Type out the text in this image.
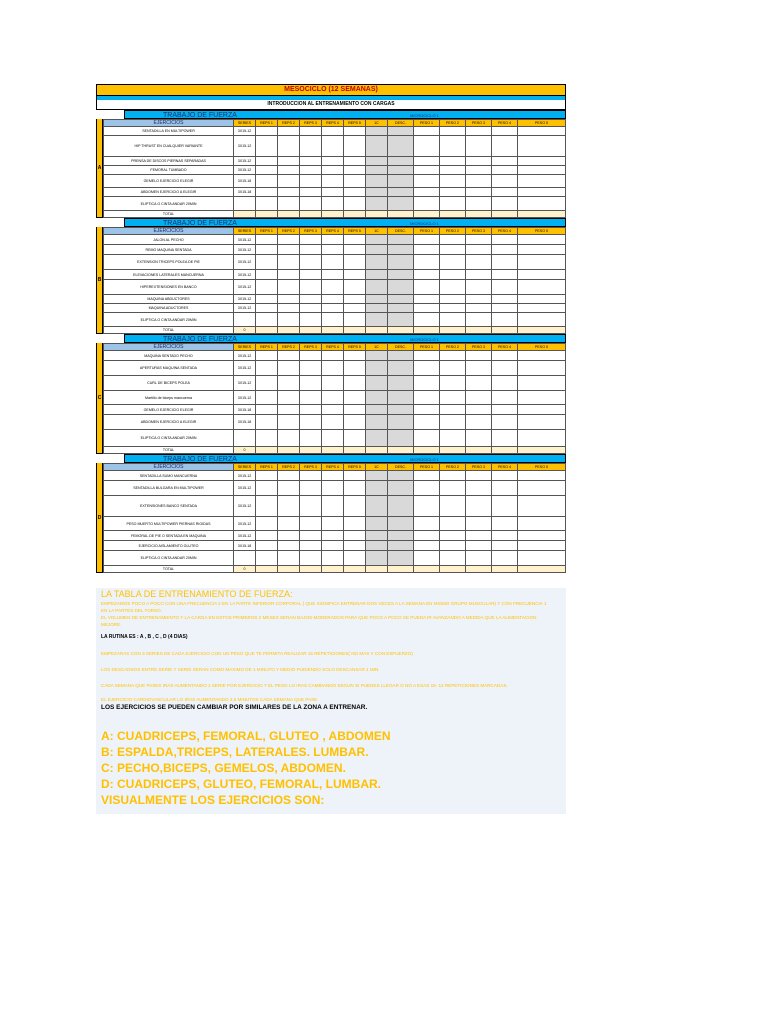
MESOCICLO (12 SEMANAS)
INTRODUCCION AL ENTRENAMIENTO CON CARGAS
TRABAJO DE FUERZA	MICROCICLO 1
A
EJERCICIOS	SERIES	REPS 1	REPS 2	REPS 3	REPS 4	REPS 5	1C	DESC.	PESO 1	PESO 2	PESO 3	PESO 4	PESO 5
SENTADILLA EN MULTIPOWER	3X15-12												
HIP THRUST EN CUALQUIER VARIANTE	3X15-12												
PRENSA DE DISCOS PIERNAS SEPARADAS	3X15-12												
FEMORAL TUMBADO	3X15-12												
GEMELO EJERCICIO ELEGIR	3X15-18												
ABDOMEN EJERCICIO A ELEGIR	3X15-18												
ELIPTICA O CINTA ANDAR 20MIN													
TOTAL													
TRABAJO DE FUERZA	MICROCICLO 1
B
EJERCICIOS	SERIES	REPS 1	REPS 2	REPS 3	REPS 4	REPS 5	1C	DESC.	PESO 1	PESO 2	PESO 3	PESO 4	PESO 5
JALON AL PECHO	3X15-12												
REMO MAQUINA SENTADA	3X15-12												
EXTENSION TRICEPS POLEA DE PIE	3X15-12												
ELEVACIONES LATERALES MANCUERNA	3X15-12												
HIPEREXTENSIONES EN BANCO	3X15-12												
MAQUINA ABDUCTORES	3X15-12												
MAQUINA ADUCTORES	3X15-12												
ELIPTICA O CINTA ANDAR 20MIN													
TOTAL	0												
TRABAJO DE FUERZA	MICROCICLO 1
C
EJERCICIOS	SERIES	REPS 1	REPS 2	REPS 3	REPS 4	REPS 5	1C	DESC.	PESO 1	PESO 2	PESO 3	PESO 4	PESO 5
MAQUINA SENTADO PECHO	3X15-12												
APERTURAS MAQUINA SENTADA	3X15-12												
CURL DE BICEPS POLEA	3X15-12												
Martillo de biceps mancuerna	3X15-12												
GEMELO EJERCICIO ELEGIR	3X15-18												
ABDOMEN EJERCICIO A ELEGIR	3X15-18												
ELIPTICA O CINTA ANDAR 20MIN													
TOTAL	0												
TRABAJO DE FUERZA	MICROCICLO 1
D
EJERCICIOS	SERIES	REPS 1	REPS 2	REPS 3	REPS 4	REPS 5	1C	DESC.	PESO 1	PESO 2	PESO 3	PESO 4	PESO 5
SENTADILLA SUMO MANCUERNA	3X15-12												
SENTADILLA BULGARA EN MULTIPOWER	3X15-12												
EXTENSIONES BANCO SENTADA	3X15-12												
PESO MUERTO MULTIPOWER PIERNAS RIGIDAS	3X15-12												
FEMORAL DE PIE O SENTADA EN MAQUINA	3X15-12												
EJERCICIO AISLAMIENTO GLUTEO	3X15-18												
ELIPTICA O CINTA ANDAR 20MIN													
TOTAL	0												
LA TABLA DE ENTRENAMIENTO DE FUERZA:
EMPEZAMOS POCO A POCO CON UNA FRECUENCIA 2 EN LA PARTE INFERIOR CORPORAL ( QUE SIGNIFICA ENTRENAR DOS VECES A LA SEMANA EN MISMO GRUPO MUSCULAR) Y CON FRECUENCIA 1 EN LA PARTES DEL TORSO.
EL VOLUMEN DE ENTRENAMIENTO Y LA CARGA EN ESTOS PRIMEROS 2 MESES SERAN BAJOS-MODERADOS PARA QUE POCO A POCO SE PUEDA IR AVANZANDO A MEDIDA QUE LA ALIMENTACION MEJORE.
LA RUTINA ES : A , B , C , D (4 DIAS)
EMPEZARAS CON 3 SERIES DE CADA EJERCICIO CON UN PESO QUE TE PERMITA REALIZAR 15 REPETICIONES( NO MAS Y CON ESFUERZO)
LOS DESCANSOS ENTRE SERIE Y SERIE SERAN COMO MAXIMO DE 1 MINUTO Y MEDIO PUDIENDO SOLO DESCANSAR 1 MIN.
CADA SEMANA QUE PASES IRAS AUMENTANDO 1 SERIE POR EJERCICIO Y EL PESO LO IRAS CAMBIANDO SEGUN SI PUEDES LLEGAR O NO A ESAS 15- 12 REPETICIONES MARCADAS.
EL EJERCICIO CARDIOVASCULAR LO IRAS AUMENTANDO 2,5 MINUTOS CADA SEMANA QUE PASE.
LOS EJERCICIOS SE PUEDEN CAMBIAR POR SIMILARES DE LA ZONA A ENTRENAR.
A: CUADRICEPS, FEMORAL, GLUTEO , ABDOMEN
B: ESPALDA,TRICEPS, LATERALES. LUMBAR.
C: PECHO,BICEPS, GEMELOS, ABDOMEN.
D: CUADRICEPS, GLUTEO, FEMORAL, LUMBAR.
VISUALMENTE LOS EJERCICIOS SON:
